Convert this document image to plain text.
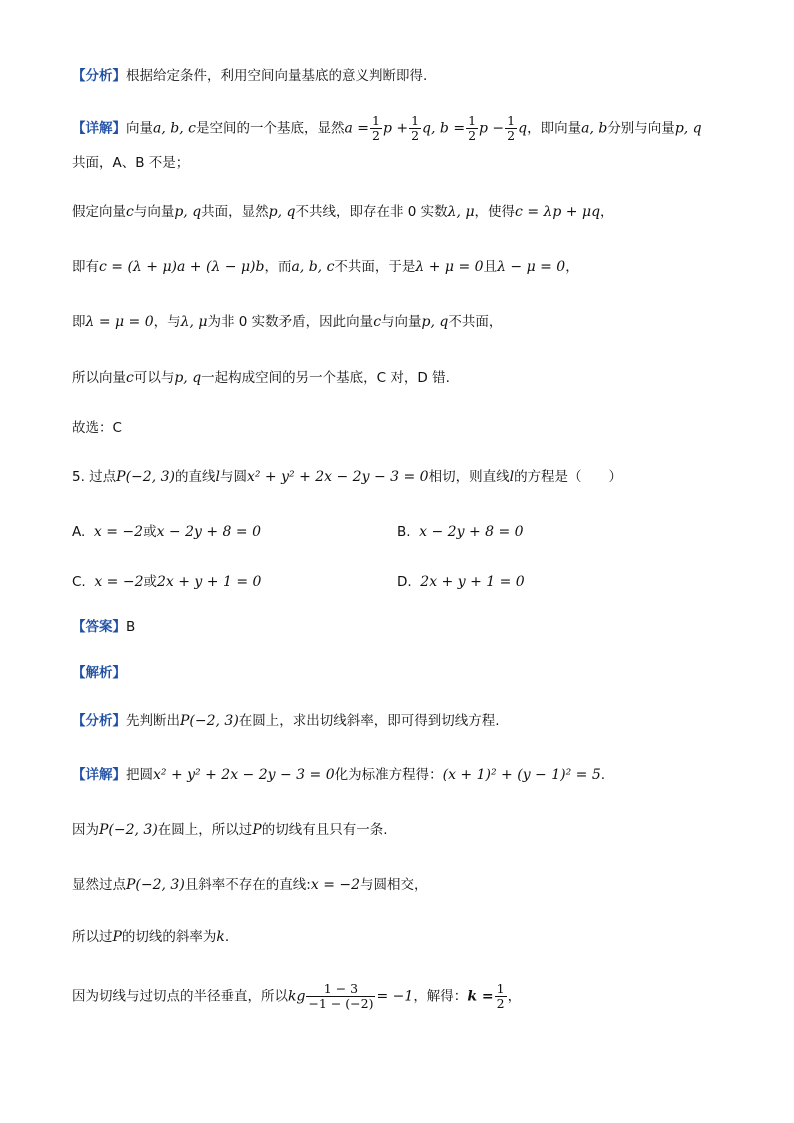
【分析】根据给定条件，利用空间向量基底的意义判断即得.
【详解】向量a, b, c是空间的一个基底，显然$a = \frac{1}{2}$ $p + \frac{1}{2} q$, $b = \frac{1}{2}$ $p - \frac{1}{2}$ q，即向量a, b分别与向量p, q
共面，A、B 不是；
假定向量c与向量p, q共面，显然p, q不共线，即存在非 0 实数λ, μ，使得c = λp + μq，
即有c = (λ + μ)a + (λ − μ)b，而a, b, c不共面，于是λ + μ = 0且λ − μ = 0，
即λ = μ = 0，与λ, μ为非 0 实数矛盾，因此向量c与向量p, q不共面，
所以向量c可以与p, q一起构成空间的另一个基底，C 对，D 错.
故选：C
5. 过点P(−2, 3)的直线l与圆x² + y² + 2x − 2y − 3 = 0相切，则直线l的方程是（　　）
A. x = −2或x − 2y + 8 = 0	B. x − 2y + 8 = 0
C. x = −2或2x + y + 1 = 0	D. 2x + y + 1 = 0
【答案】B
【解析】
【分析】先判断出P(−2, 3)在圆上，求出切线斜率，即可得到切线方程.
【详解】把圆x² + y² + 2x − 2y − 3 = 0化为标准方程得：(x + 1)² + (y − 1)² = 5.
因为P(−2, 3)在圆上，所以过P的切线有且只有一条.
显然过点P(−2, 3)且斜率不存在的直线:x = −2与圆相交，
所以过P的切线的斜率为k.
因为切线与过切点的半径垂直，所以kg $\frac{1 - 3}{-1 - (-2)} = -1$，解得：$k = \frac{1}{2}$ ，
